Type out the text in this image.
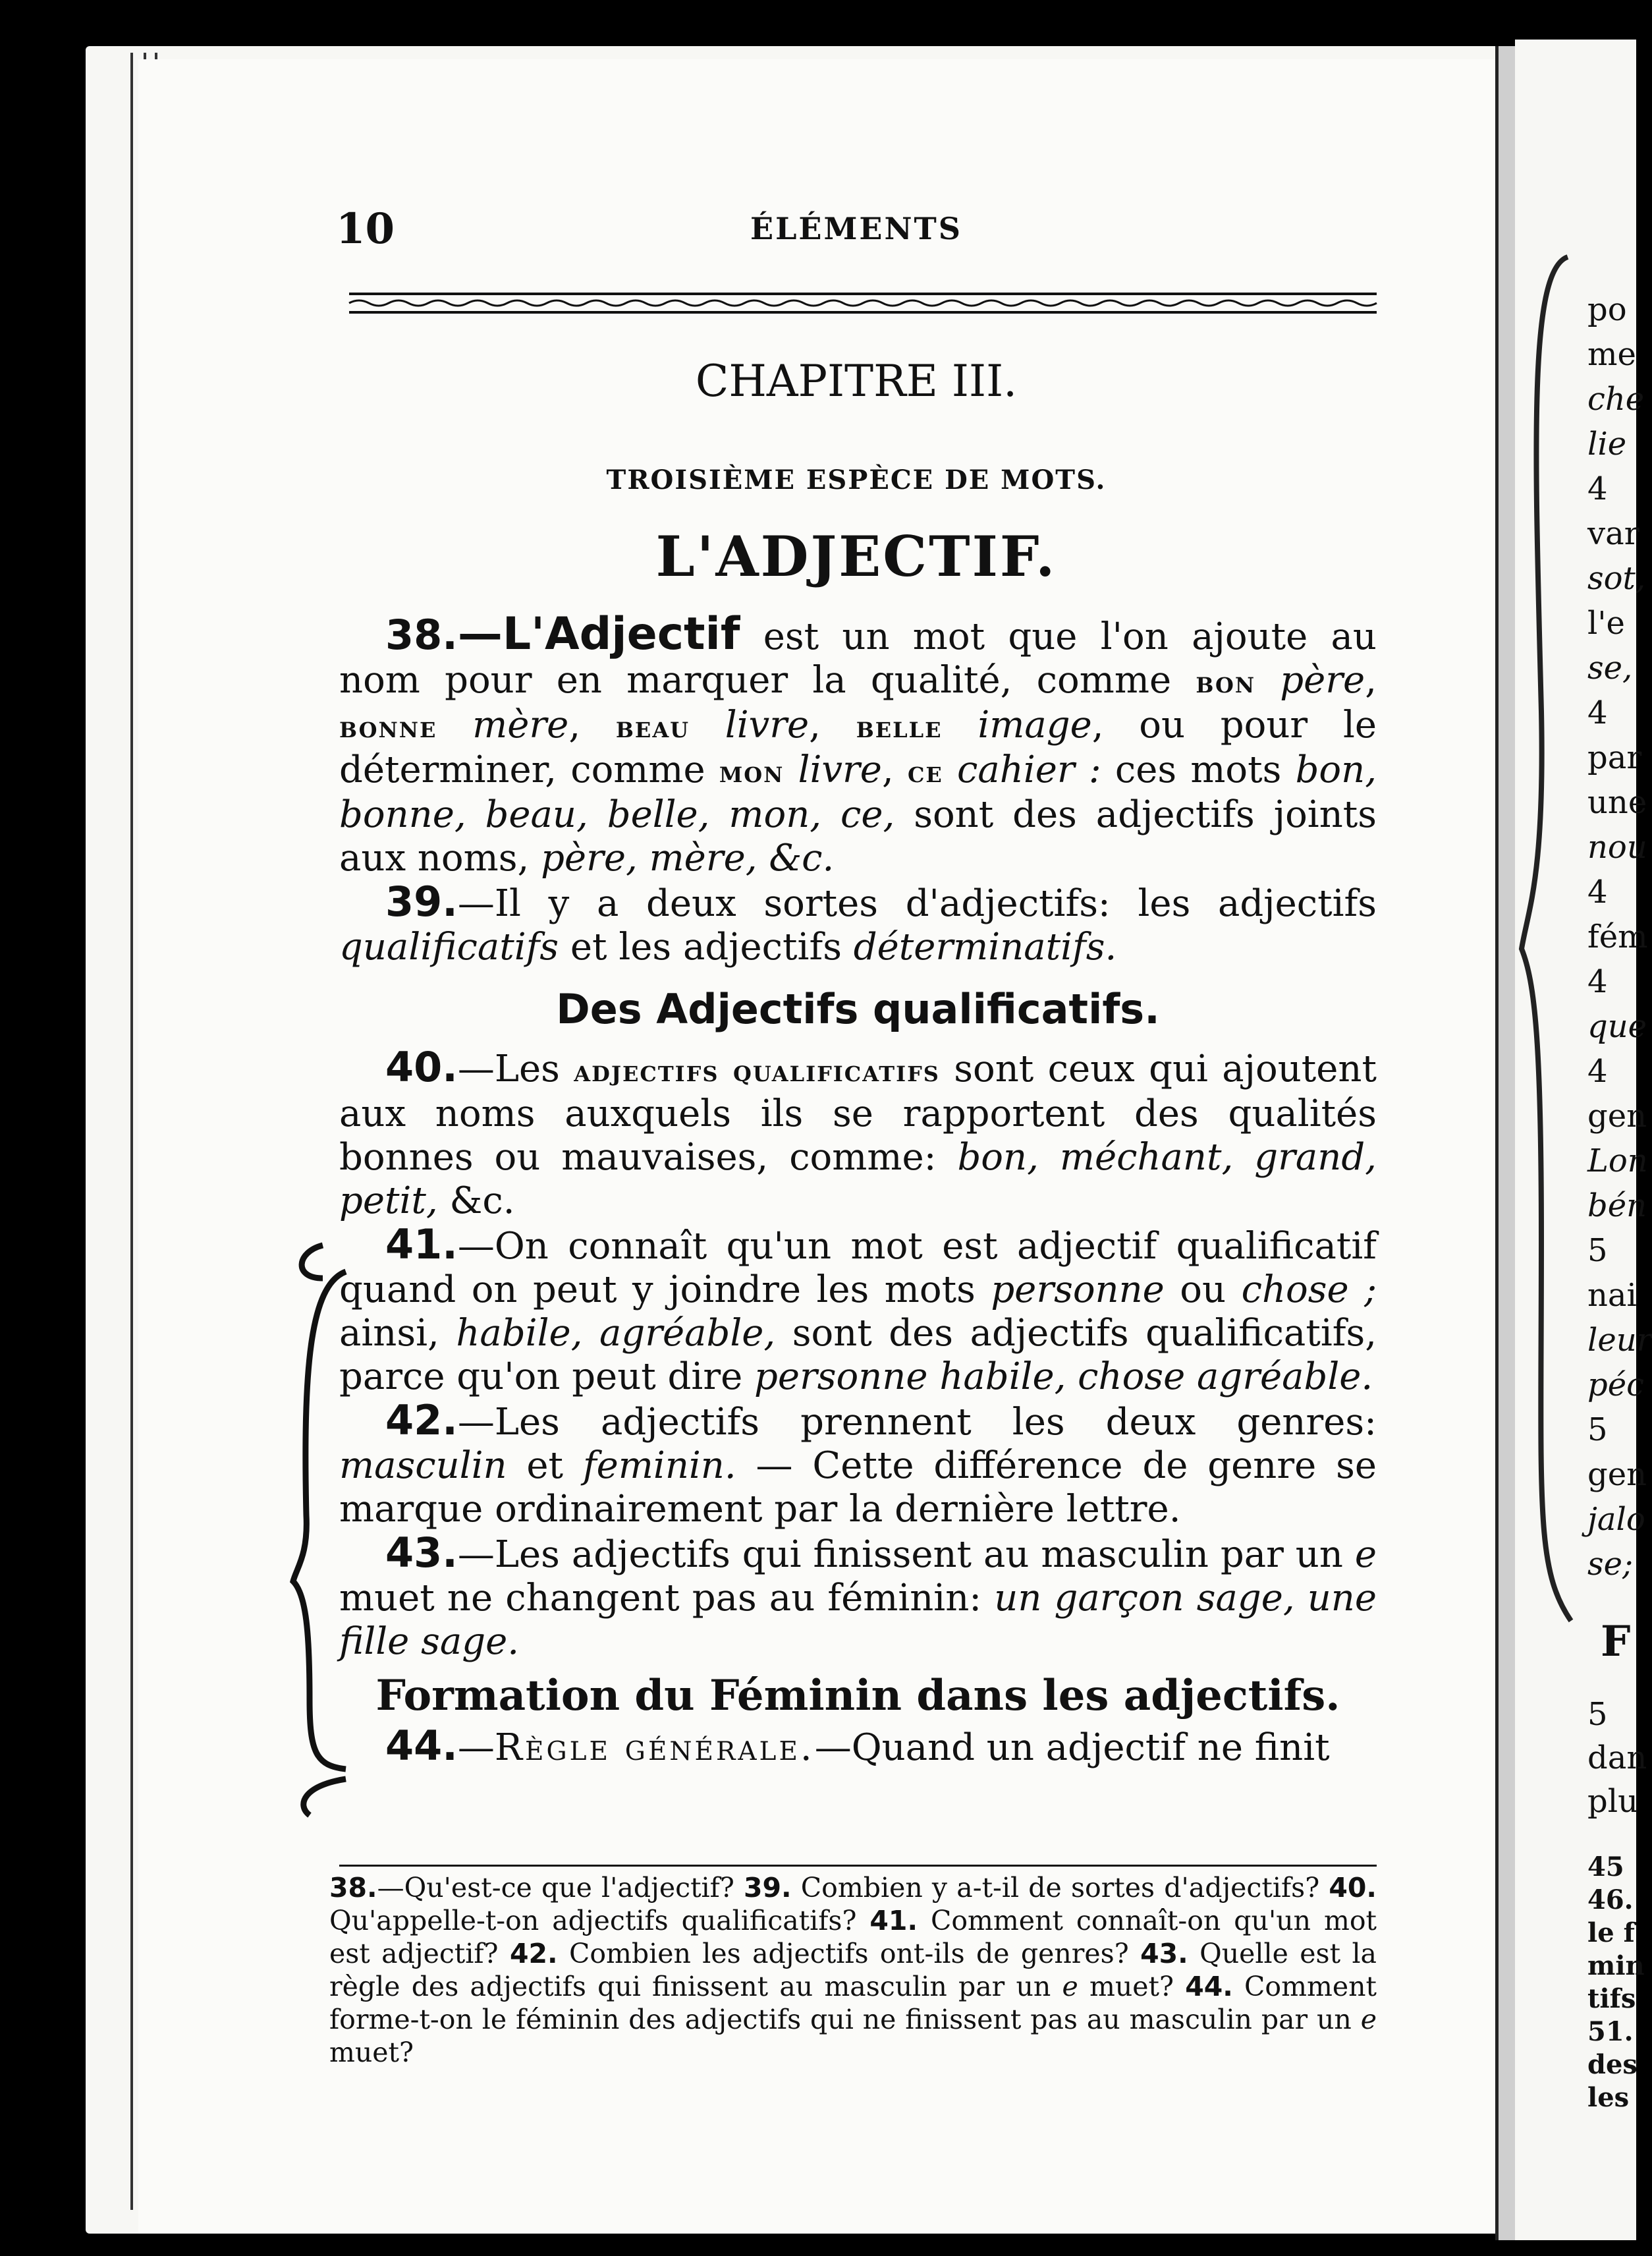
po
me
che
lie
4
var
sot,
l'e
se,
4
par
une
nou
4
fém
4
que
4
gen
Lon
bén
5
nai
leur
péc
5
gen
jalo
se;
F
5
dan
plu
45
46.
le f
min
tifs
51.
des
les
10	ÉLÉMENTS
CHAPITRE III.
TROISIÈME ESPÈCE DE MOTS.
L'ADJECTIF.

38.—L'Adjectif est un mot que l'on ajoute au nom pour en marquer la qualité, comme bon père, bonne mère, beau livre, belle image, ou pour le déterminer, comme mon livre, ce cahier : ces mots bon, bonne, beau, belle, mon, ce, sont des adjectifs joints aux noms, père, mère, &c.

39.—Il y a deux sortes d'adjectifs: les adjectifs qualificatifs et les adjectifs déterminatifs.

Des Adjectifs qualificatifs.

40.—Les adjectifs qualificatifs sont ceux qui ajoutent aux noms auxquels ils se rapportent des qualités bonnes ou mauvaises, comme: bon, méchant, grand, petit, &c.

41.—On connaît qu'un mot est adjectif qualificatif quand on peut y joindre les mots personne ou chose ; ainsi, habile, agréable, sont des adjectifs qualificatifs, parce qu'on peut dire personne habile, chose agréable.

42.—Les adjectifs prennent les deux genres: masculin et feminin. — Cette différence de genre se marque ordinairement par la dernière lettre.

43.—Les adjectifs qui finissent au masculin par un e muet ne changent pas au féminin: un garçon sage, une fille sage.

Formation du Féminin dans les adjectifs.

44.—Règle générale.—Quand un adjectif ne finit

38.—Qu'est-ce que l'adjectif? 39. Combien y a-t-il de sortes d'adjectifs? 40. Qu'appelle-t-on adjectifs qualificatifs? 41. Comment connaît-on qu'un mot est adjectif? 42. Combien les adjectifs ont-ils de genres? 43. Quelle est la règle des adjectifs qui finissent au masculin par un e muet? 44. Comment forme-t-on le féminin des adjectifs qui ne finissent pas au masculin par un e muet?
